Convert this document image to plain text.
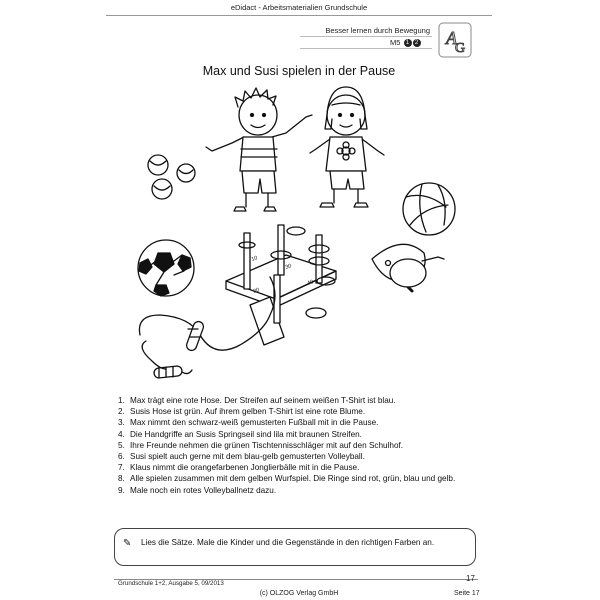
eDidact - Arbeitsmaterialien Grundschule
Besser lernen durch Bewegung
M5 1 2 A
G
Max und Susi spielen in der Pause
10
30
40
20
1. Max trägt eine rote Hose. Der Streifen auf seinem weißen T-Shirt ist blau.
2. Susis Hose ist grün. Auf ihrem gelben T-Shirt ist eine rote Blume.
3. Max nimmt den schwarz-weiß gemusterten Fußball mit in die Pause.
4. Die Handgriffe an Susis Springseil sind lila mit braunen Streifen.
5. Ihre Freunde nehmen die grünen Tischtennisschläger mit auf den Schulhof.
6. Susi spielt auch gerne mit dem blau-gelb gemusterten Volleyball.
7. Klaus nimmt die orangefarbenen Jonglierbälle mit in die Pause.
8. Alle spielen zusammen mit dem gelben Wurfspiel. Die Ringe sind rot, grün, blau und gelb.
9. Male noch ein rotes Volleyballnetz dazu.
✎ Lies die Sätze. Male die Kinder und die Gegenstände in den richtigen Farben an.
Grundschule 1+2, Ausgabe 5, 09/2013
17
(c) OLZOG Verlag GmbH	Seite 17
